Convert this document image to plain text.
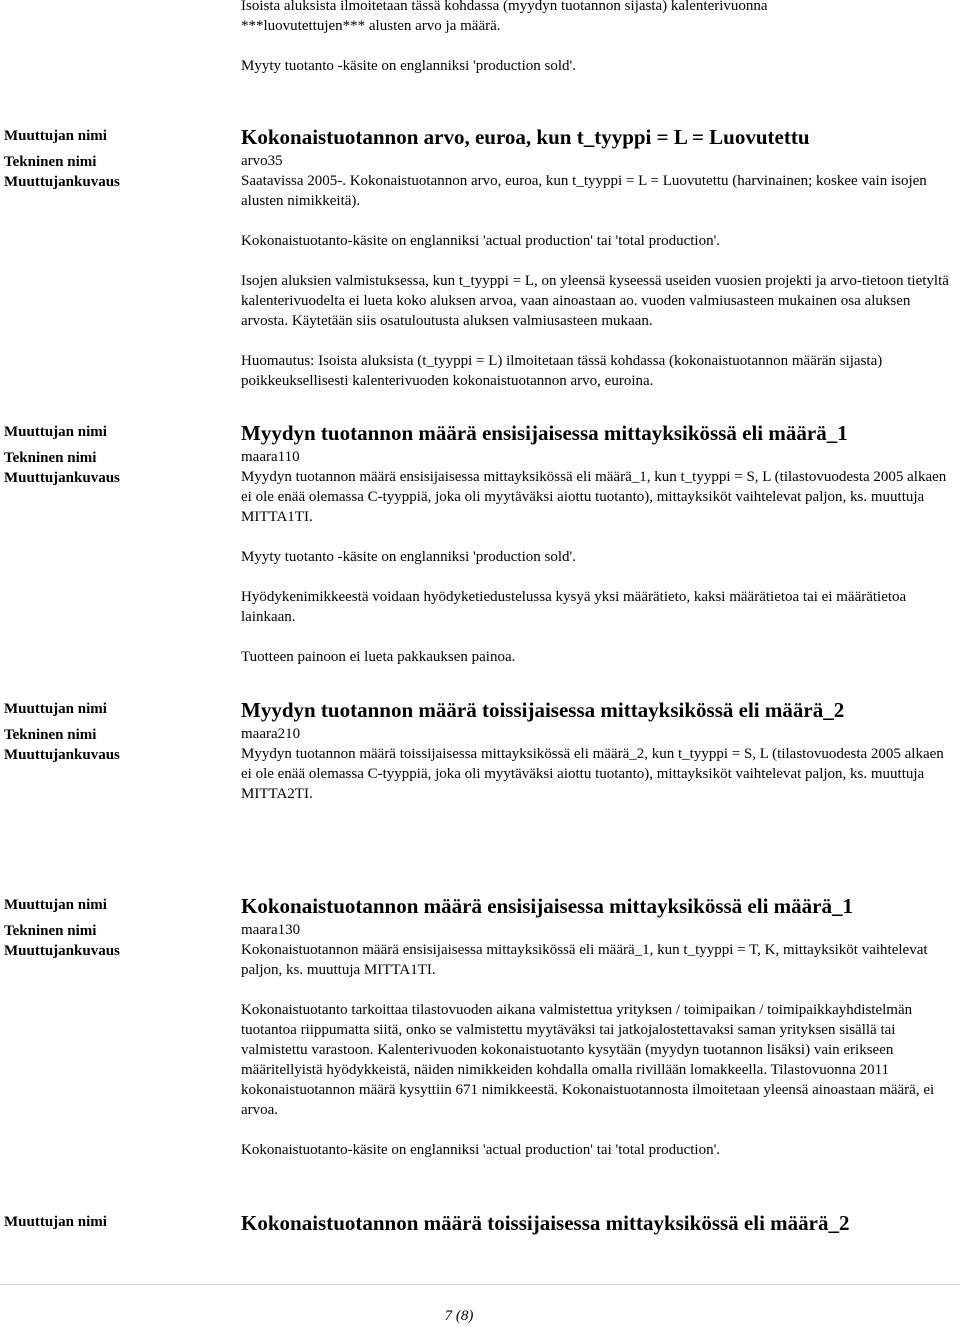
Isoista aluksista ilmoitetaan tässä kohdassa (myydyn tuotannon sijasta) kalenterivuonna

***luovutettujen*** alusten arvo ja määrä.

Myyty tuotanto -käsite on englanniksi 'production sold'.

Muuttujan nimi
Tekninen nimi
Muuttujankuvaus
Kokonaistuotannon arvo, euroa, kun t_tyyppi = L = Luovutettu

arvo35

Saatavissa 2005-. Kokonaistuotannon arvo, euroa, kun t_tyyppi = L = Luovutettu (harvinainen; koskee vain isojen alusten nimikkeitä).

Kokonaistuotanto-käsite on englanniksi 'actual production' tai 'total production'.

Isojen aluksien valmistuksessa, kun t_tyyppi = L, on yleensä kyseessä useiden vuosien projekti ja arvo-tietoon tietyltä kalenterivuodelta ei lueta koko aluksen arvoa, vaan ainoastaan ao. vuoden valmiusasteen mukainen osa aluksen arvosta. Käytetään siis osatuloutusta aluksen valmiusasteen mukaan.

Huomautus: Isoista aluksista (t_tyyppi = L) ilmoitetaan tässä kohdassa (kokonaistuotannon määrän sijasta) poikkeuksellisesti kalenterivuoden kokonaistuotannon arvo, euroina.

Muuttujan nimi
Tekninen nimi
Muuttujankuvaus
Myydyn tuotannon määrä ensisijaisessa mittayksikössä eli määrä_1

maara110

Myydyn tuotannon määrä ensisijaisessa mittayksikössä eli määrä_1, kun t_tyyppi = S, L (tilastovuodesta 2005 alkaen ei ole enää olemassa C-tyyppiä, joka oli myytäväksi aiottu tuotanto), mittayksiköt vaihtelevat paljon, ks. muuttuja MITTA1TI.

Myyty tuotanto -käsite on englanniksi 'production sold'.

Hyödykenimikkeestä voidaan hyödyketiedustelussa kysyä yksi määrätieto, kaksi määrätietoa tai ei määrätietoa lainkaan.

Tuotteen painoon ei lueta pakkauksen painoa.

Muuttujan nimi
Tekninen nimi
Muuttujankuvaus
Myydyn tuotannon määrä toissijaisessa mittayksikössä eli määrä_2

maara210

Myydyn tuotannon määrä toissijaisessa mittayksikössä eli määrä_2, kun t_tyyppi = S, L (tilastovuodesta 2005 alkaen ei ole enää olemassa C-tyyppiä, joka oli myytäväksi aiottu tuotanto), mittayksiköt vaihtelevat paljon, ks. muuttuja MITTA2TI.

Muuttujan nimi
Tekninen nimi
Muuttujankuvaus
Kokonaistuotannon määrä ensisijaisessa mittayksikössä eli määrä_1

maara130

Kokonaistuotannon määrä ensisijaisessa mittayksikössä eli määrä_1, kun t_tyyppi = T, K, mittayksiköt vaihtelevat paljon, ks. muuttuja MITTA1TI.

Kokonaistuotanto tarkoittaa tilastovuoden aikana valmistettua yrityksen / toimipaikan / toimipaikkayhdistelmän tuotantoa riippumatta siitä, onko se valmistettu myytäväksi tai jatkojalostettavaksi saman yrityksen sisällä tai valmistettu varastoon. Kalenterivuoden kokonaistuotanto kysytään (myydyn tuotannon lisäksi) vain erikseen määritellyistä hyödykkeistä, näiden nimikkeiden kohdalla omalla rivillään lomakkeella. Tilastovuonna 2011 kokonaistuotannon määrä kysyttiin 671 nimikkeestä. Kokonaistuotannosta ilmoitetaan yleensä ainoastaan määrä, ei arvoa.

Kokonaistuotanto-käsite on englanniksi 'actual production' tai 'total production'.

Muuttujan nimi	Kokonaistuotannon määrä toissijaisessa mittayksikössä eli määrä_2
7 (8)
